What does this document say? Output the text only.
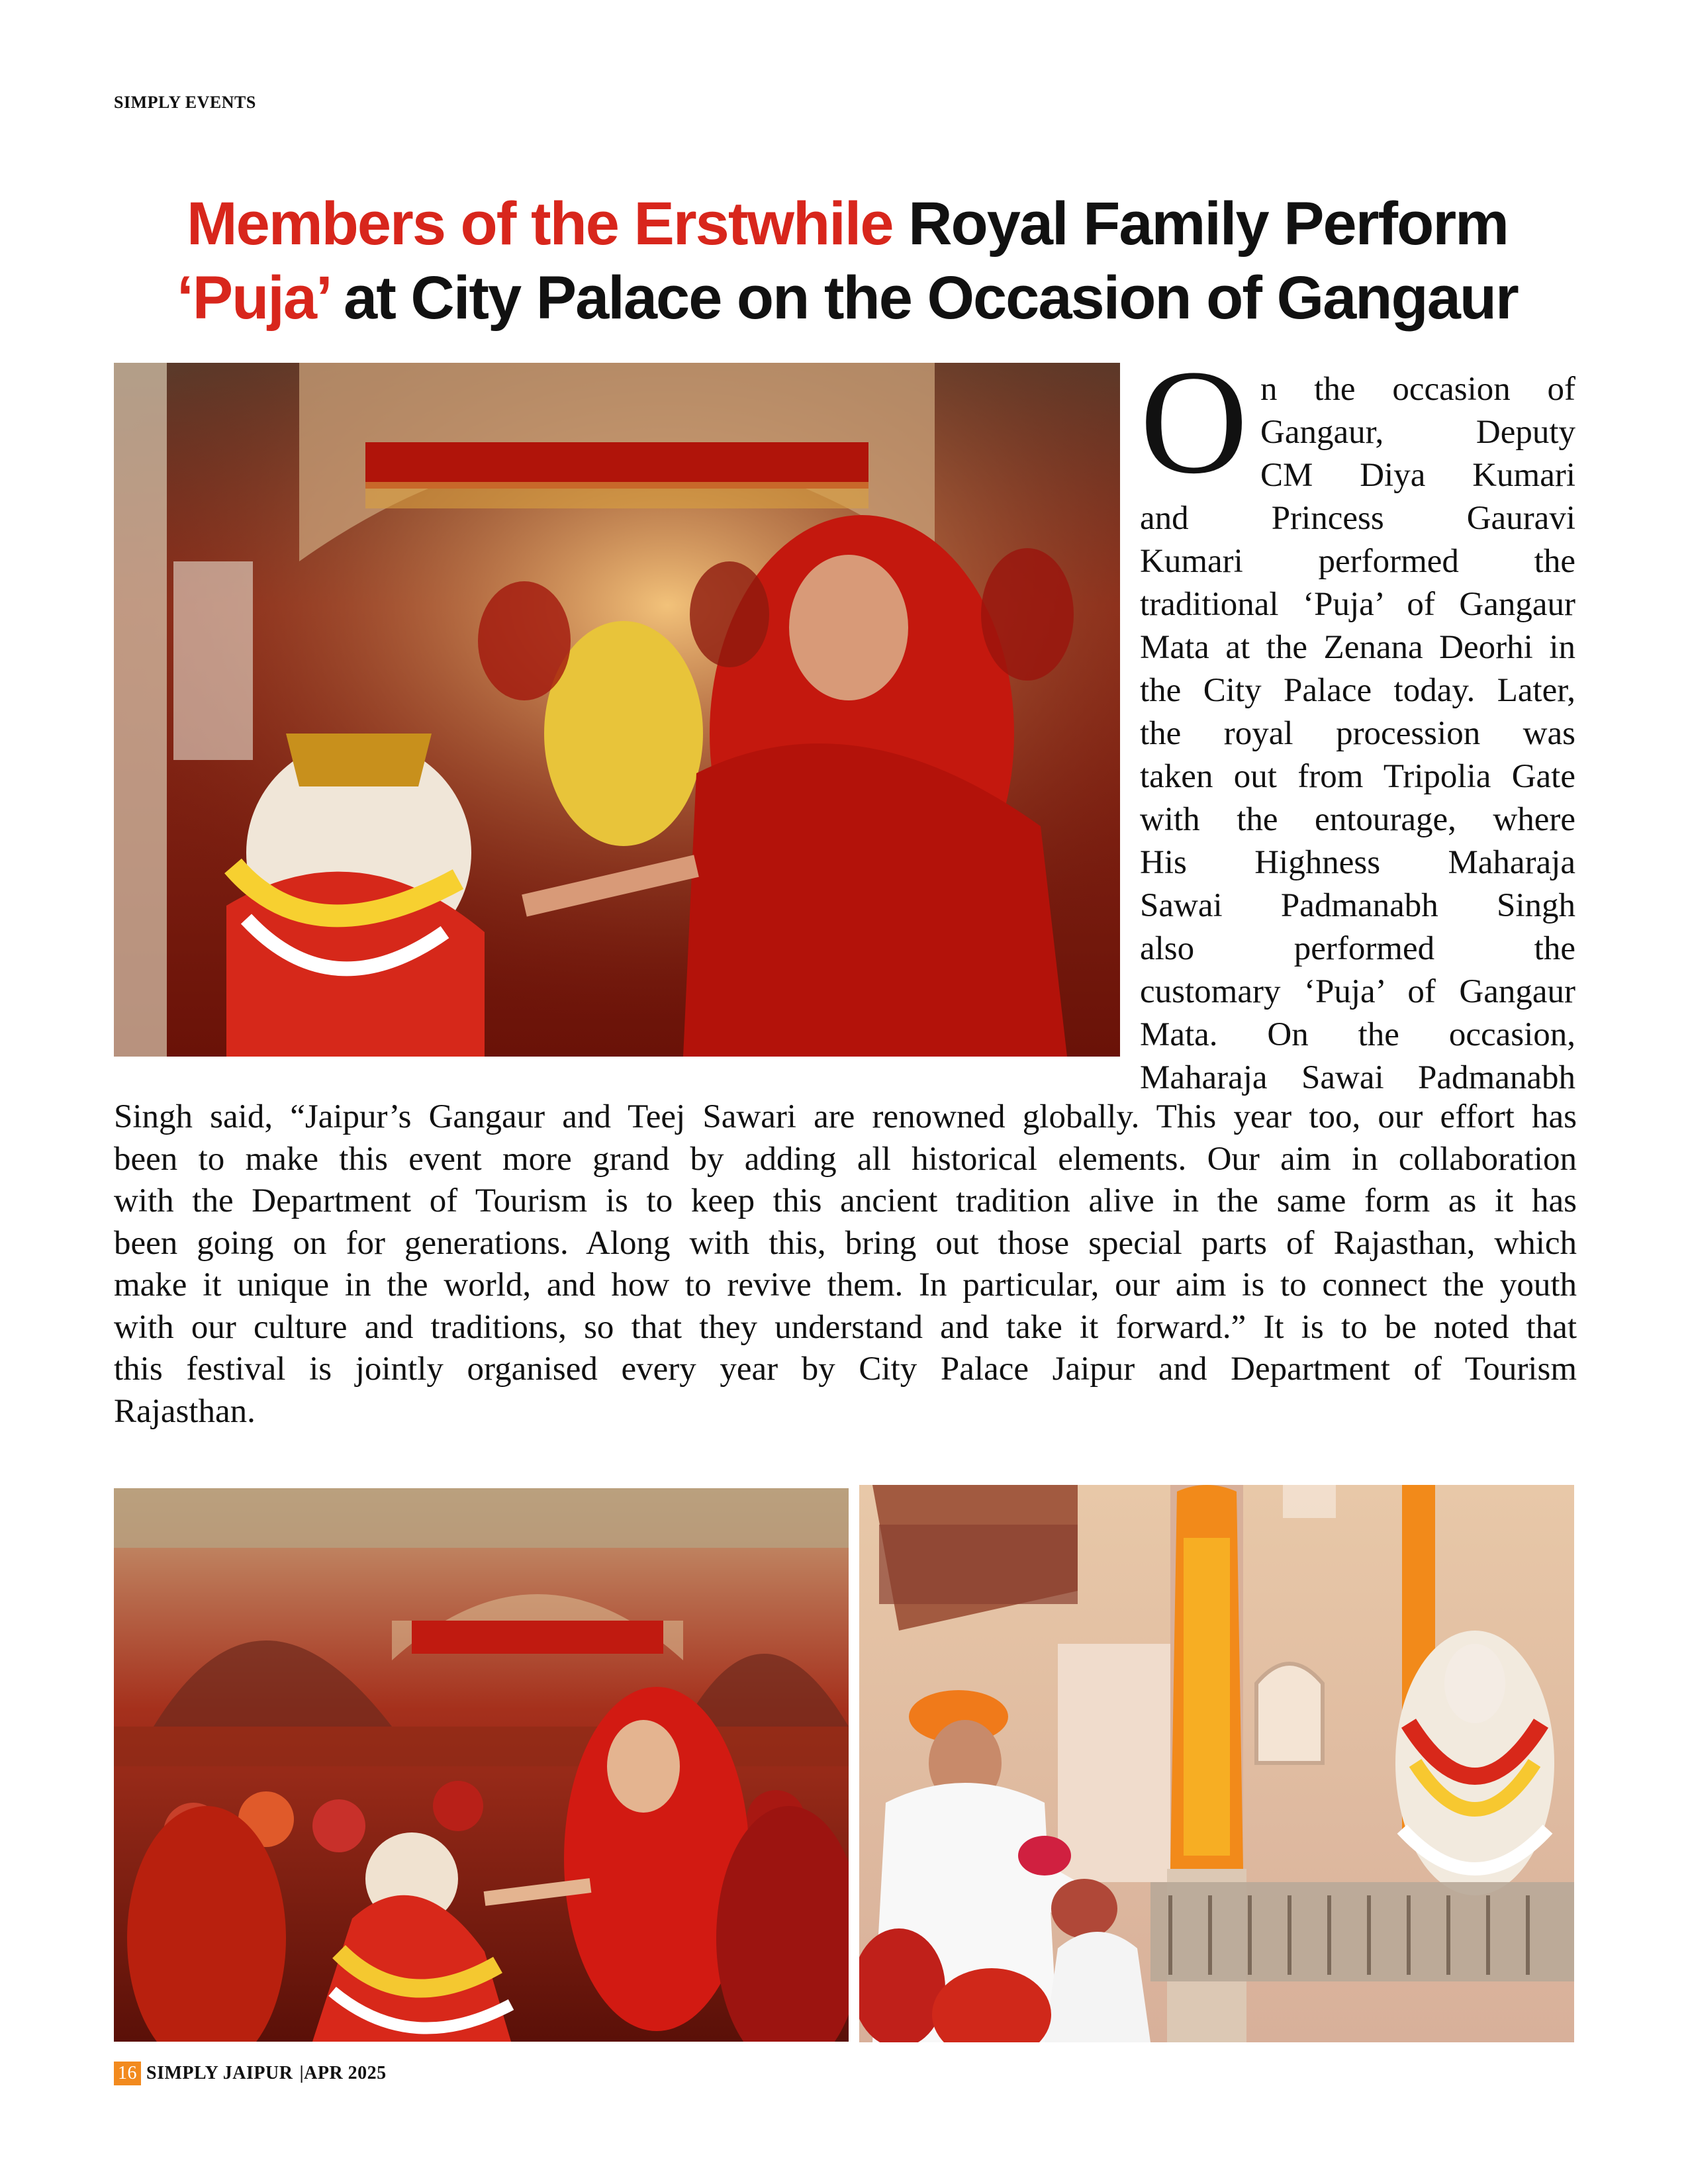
SIMPLY EVENTS
Members of the Erstwhile Royal Family Perform
‘Puja’ at City Palace on the Occasion of Gangaur
O n the occasion of
Gangaur, Deputy
CM Diya Kumari
and Princess Gauravi
Kumari performed the
traditional ‘Puja’ of Gangaur
Mata at the Zenana Deorhi in
the City Palace today. Later,
the royal procession was
taken out from Tripolia Gate
with the entourage, where
His Highness Maharaja
Sawai Padmanabh Singh
also performed the
customary ‘Puja’ of Gangaur
Mata. On the occasion,
Maharaja Sawai Padmanabh
Singh said, “Jaipur’s Gangaur and Teej Sawari are renowned globally. This year too, our effort has
been to make this event more grand by adding all historical elements. Our aim in collaboration
with the Department of Tourism is to keep this ancient tradition alive in the same form as it has
been going on for generations. Along with this, bring out those special parts of Rajasthan, which
make it unique in the world, and how to revive them. In particular, our aim is to connect the youth
with our culture and traditions, so that they understand and take it forward.” It is to be noted that
this festival is jointly organised every year by City Palace Jaipur and Department of Tourism
Rajasthan.
16 SIMPLY JAIPUR |APR 2025
